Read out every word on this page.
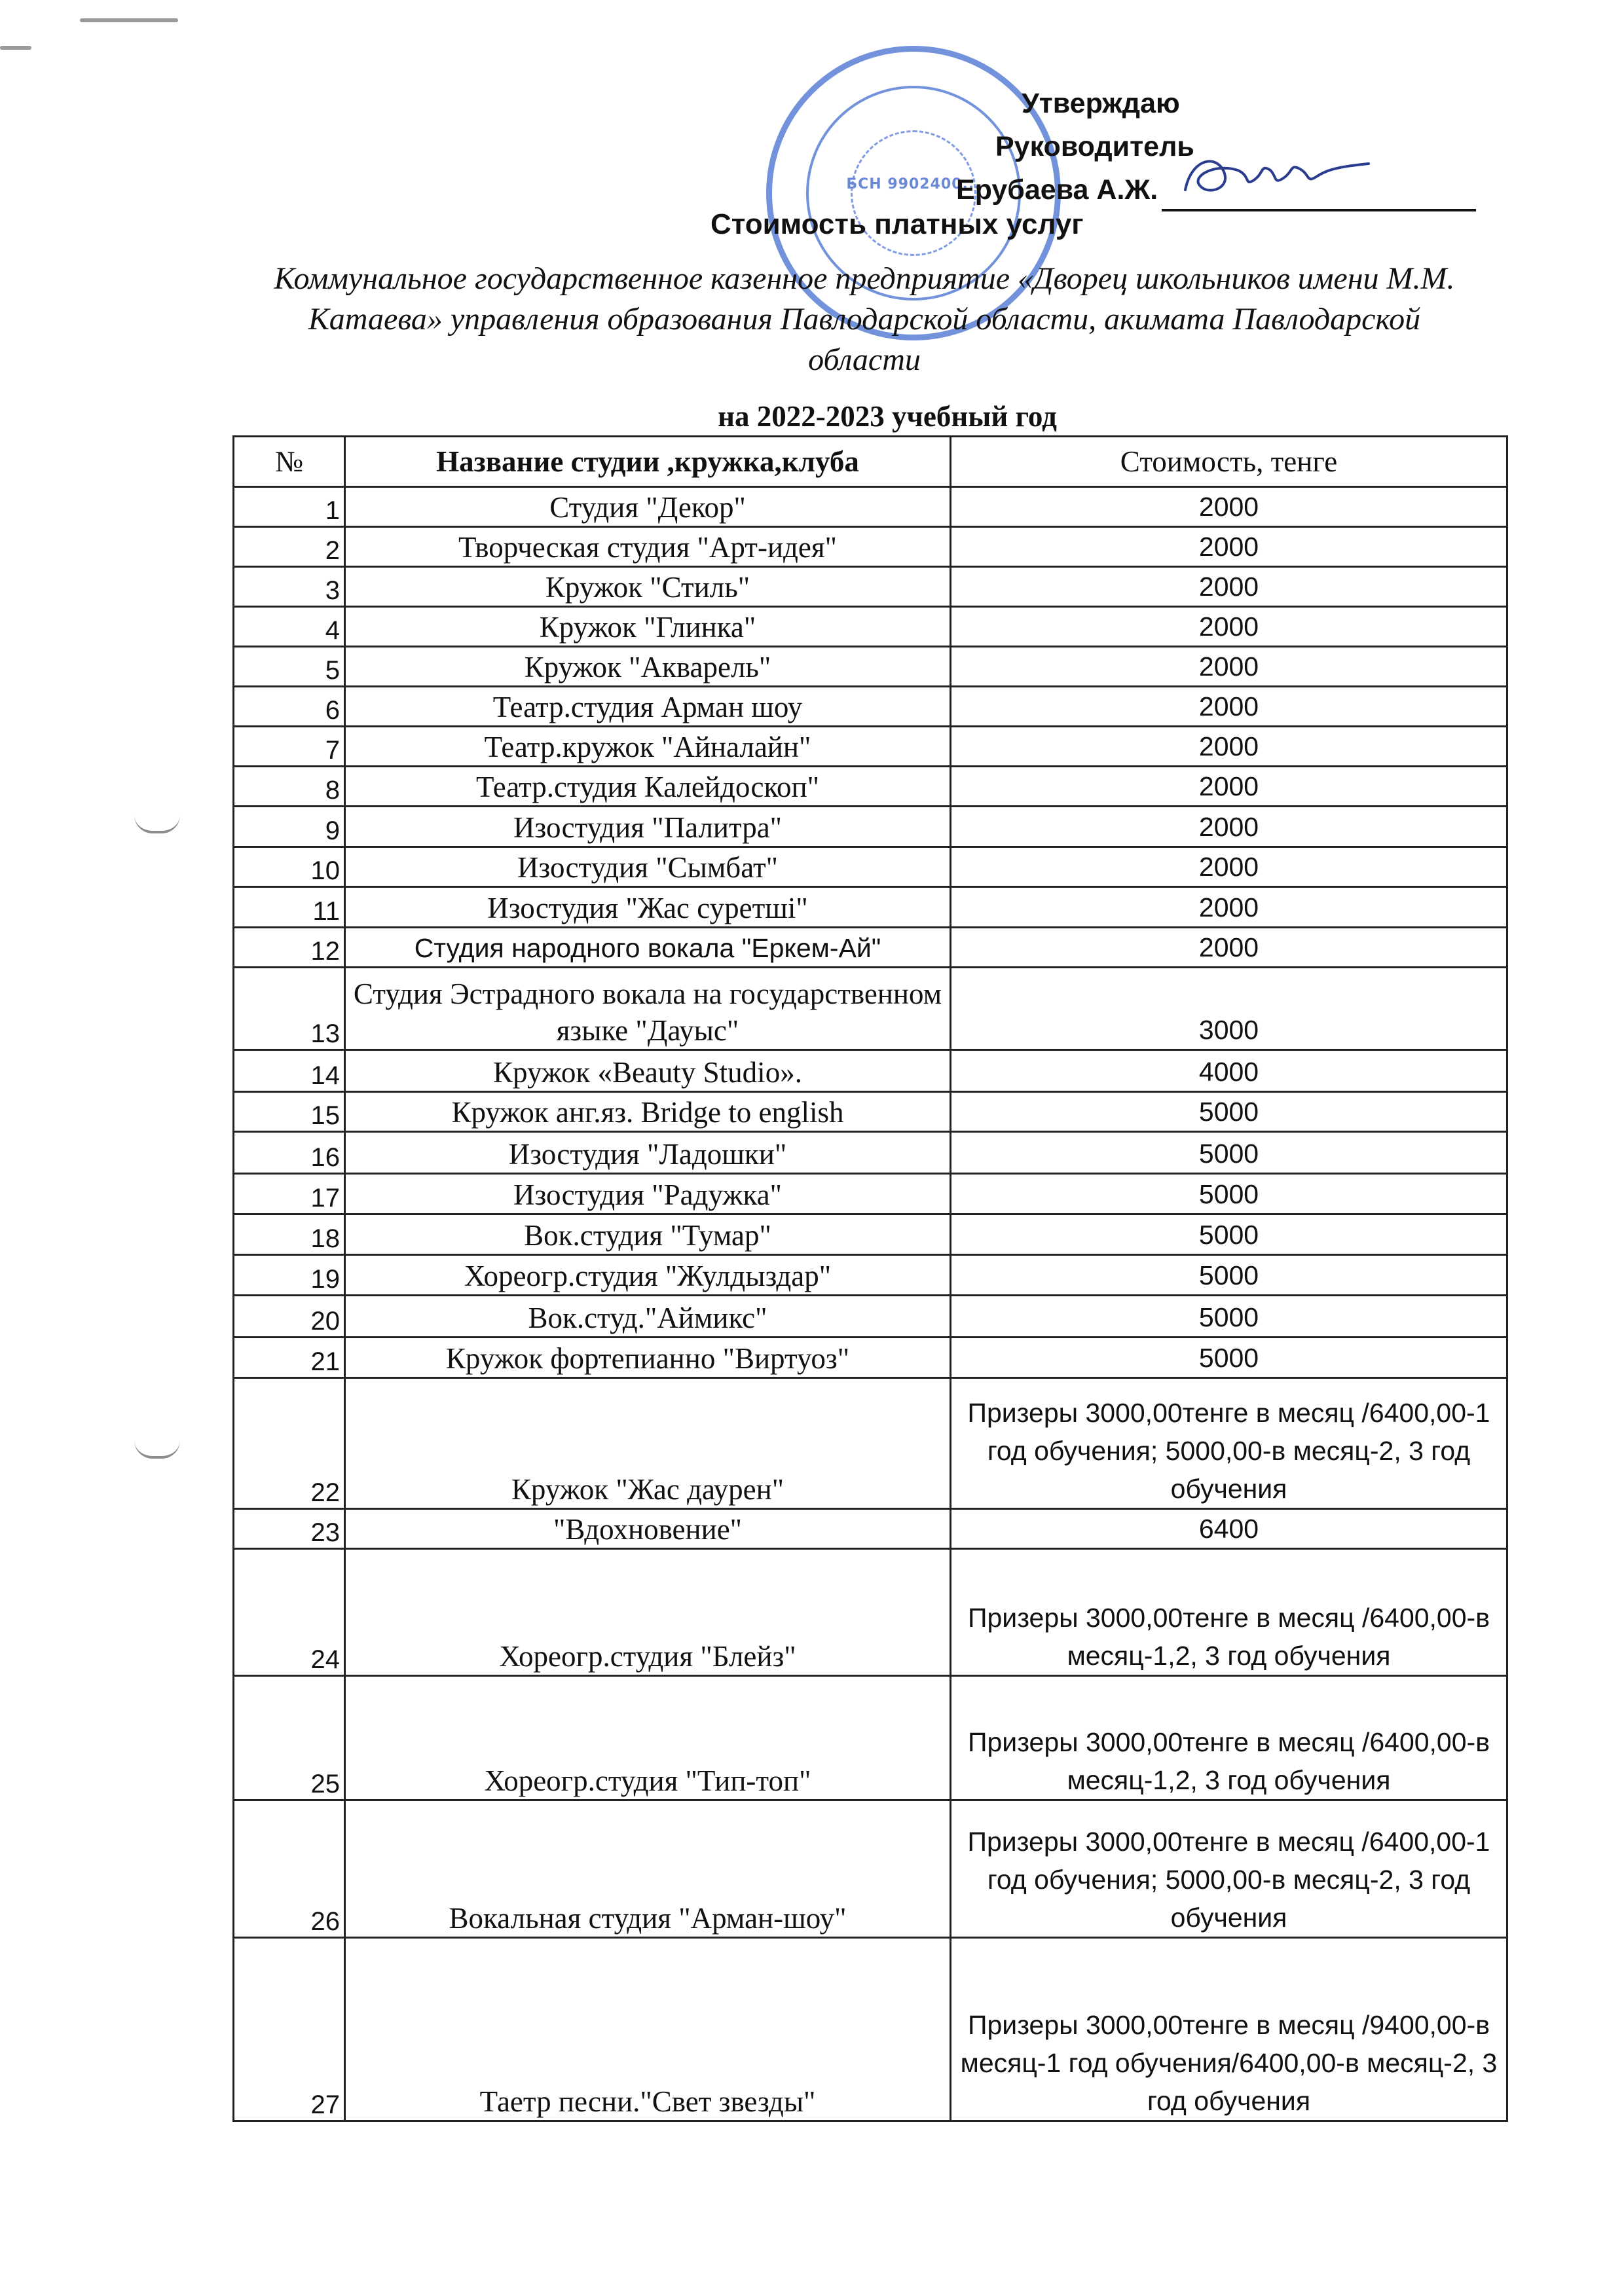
БСН 9902400...
Утверждаю
Руководитель
Ерубаева А.Ж.
Стоимость платных услуг
Коммунальное государственное казенное предприятие «Дворец школьников имени М.М. Катаева» управления образования Павлодарской области, акимата Павлодарской области
на 2022-2023 учебный год
№	Название студии ,кружка,клуба	Стоимость, тенге
1	Студия "Декор"	2000
2	Творческая студия "Арт-идея"	2000
3	Кружок "Стиль"	2000
4	Кружок "Глинка"	2000
5	Кружок "Акварель"	2000
6	Театр.студия Арман шоу	2000
7	Театр.кружок "Айналайн"	2000
8	Театр.студия Калейдоскоп"	2000
9	Изостудия "Палитра"	2000
10	Изостудия "Сымбат"	2000
11	Изостудия "Жас суретші"	2000
12	Студия народного вокала "Еркем-Ай"	2000
13	Студия Эстрадного вокала на государственном языке "Дауыс"	3000
14	Кружок «Beauty Studio».	4000
15	Кружок анг.яз. Bridge to english	5000
16	Изостудия "Ладошки"	5000
17	Изостудия "Радужка"	5000
18	Вок.студия "Тумар"	5000
19	Хореогр.студия "Жулдыздар"	5000
20	Вок.студ."Аймикс"	5000
21	Кружок фортепианно "Виртуоз"	5000
22	Кружок "Жас даурен"	Призеры 3000,00тенге в месяц /6400,00-1 год обучения; 5000,00-в месяц-2, 3 год обучения
23	"Вдохновение"	6400
24	Хореогр.студия "Блейз"	Призеры 3000,00тенге в месяц /6400,00-в месяц-1,2, 3 год обучения
25	Хореогр.студия "Тип-топ"	Призеры 3000,00тенге в месяц /6400,00-в месяц-1,2, 3 год обучения
26	Вокальная студия "Арман-шоу"	Призеры 3000,00тенге в месяц /6400,00-1 год обучения; 5000,00-в месяц-2, 3 год обучения
27	Таетр песни."Свет звезды"	Призеры 3000,00тенге в месяц /9400,00-в месяц-1 год обучения/6400,00-в месяц-2, 3 год обучения
